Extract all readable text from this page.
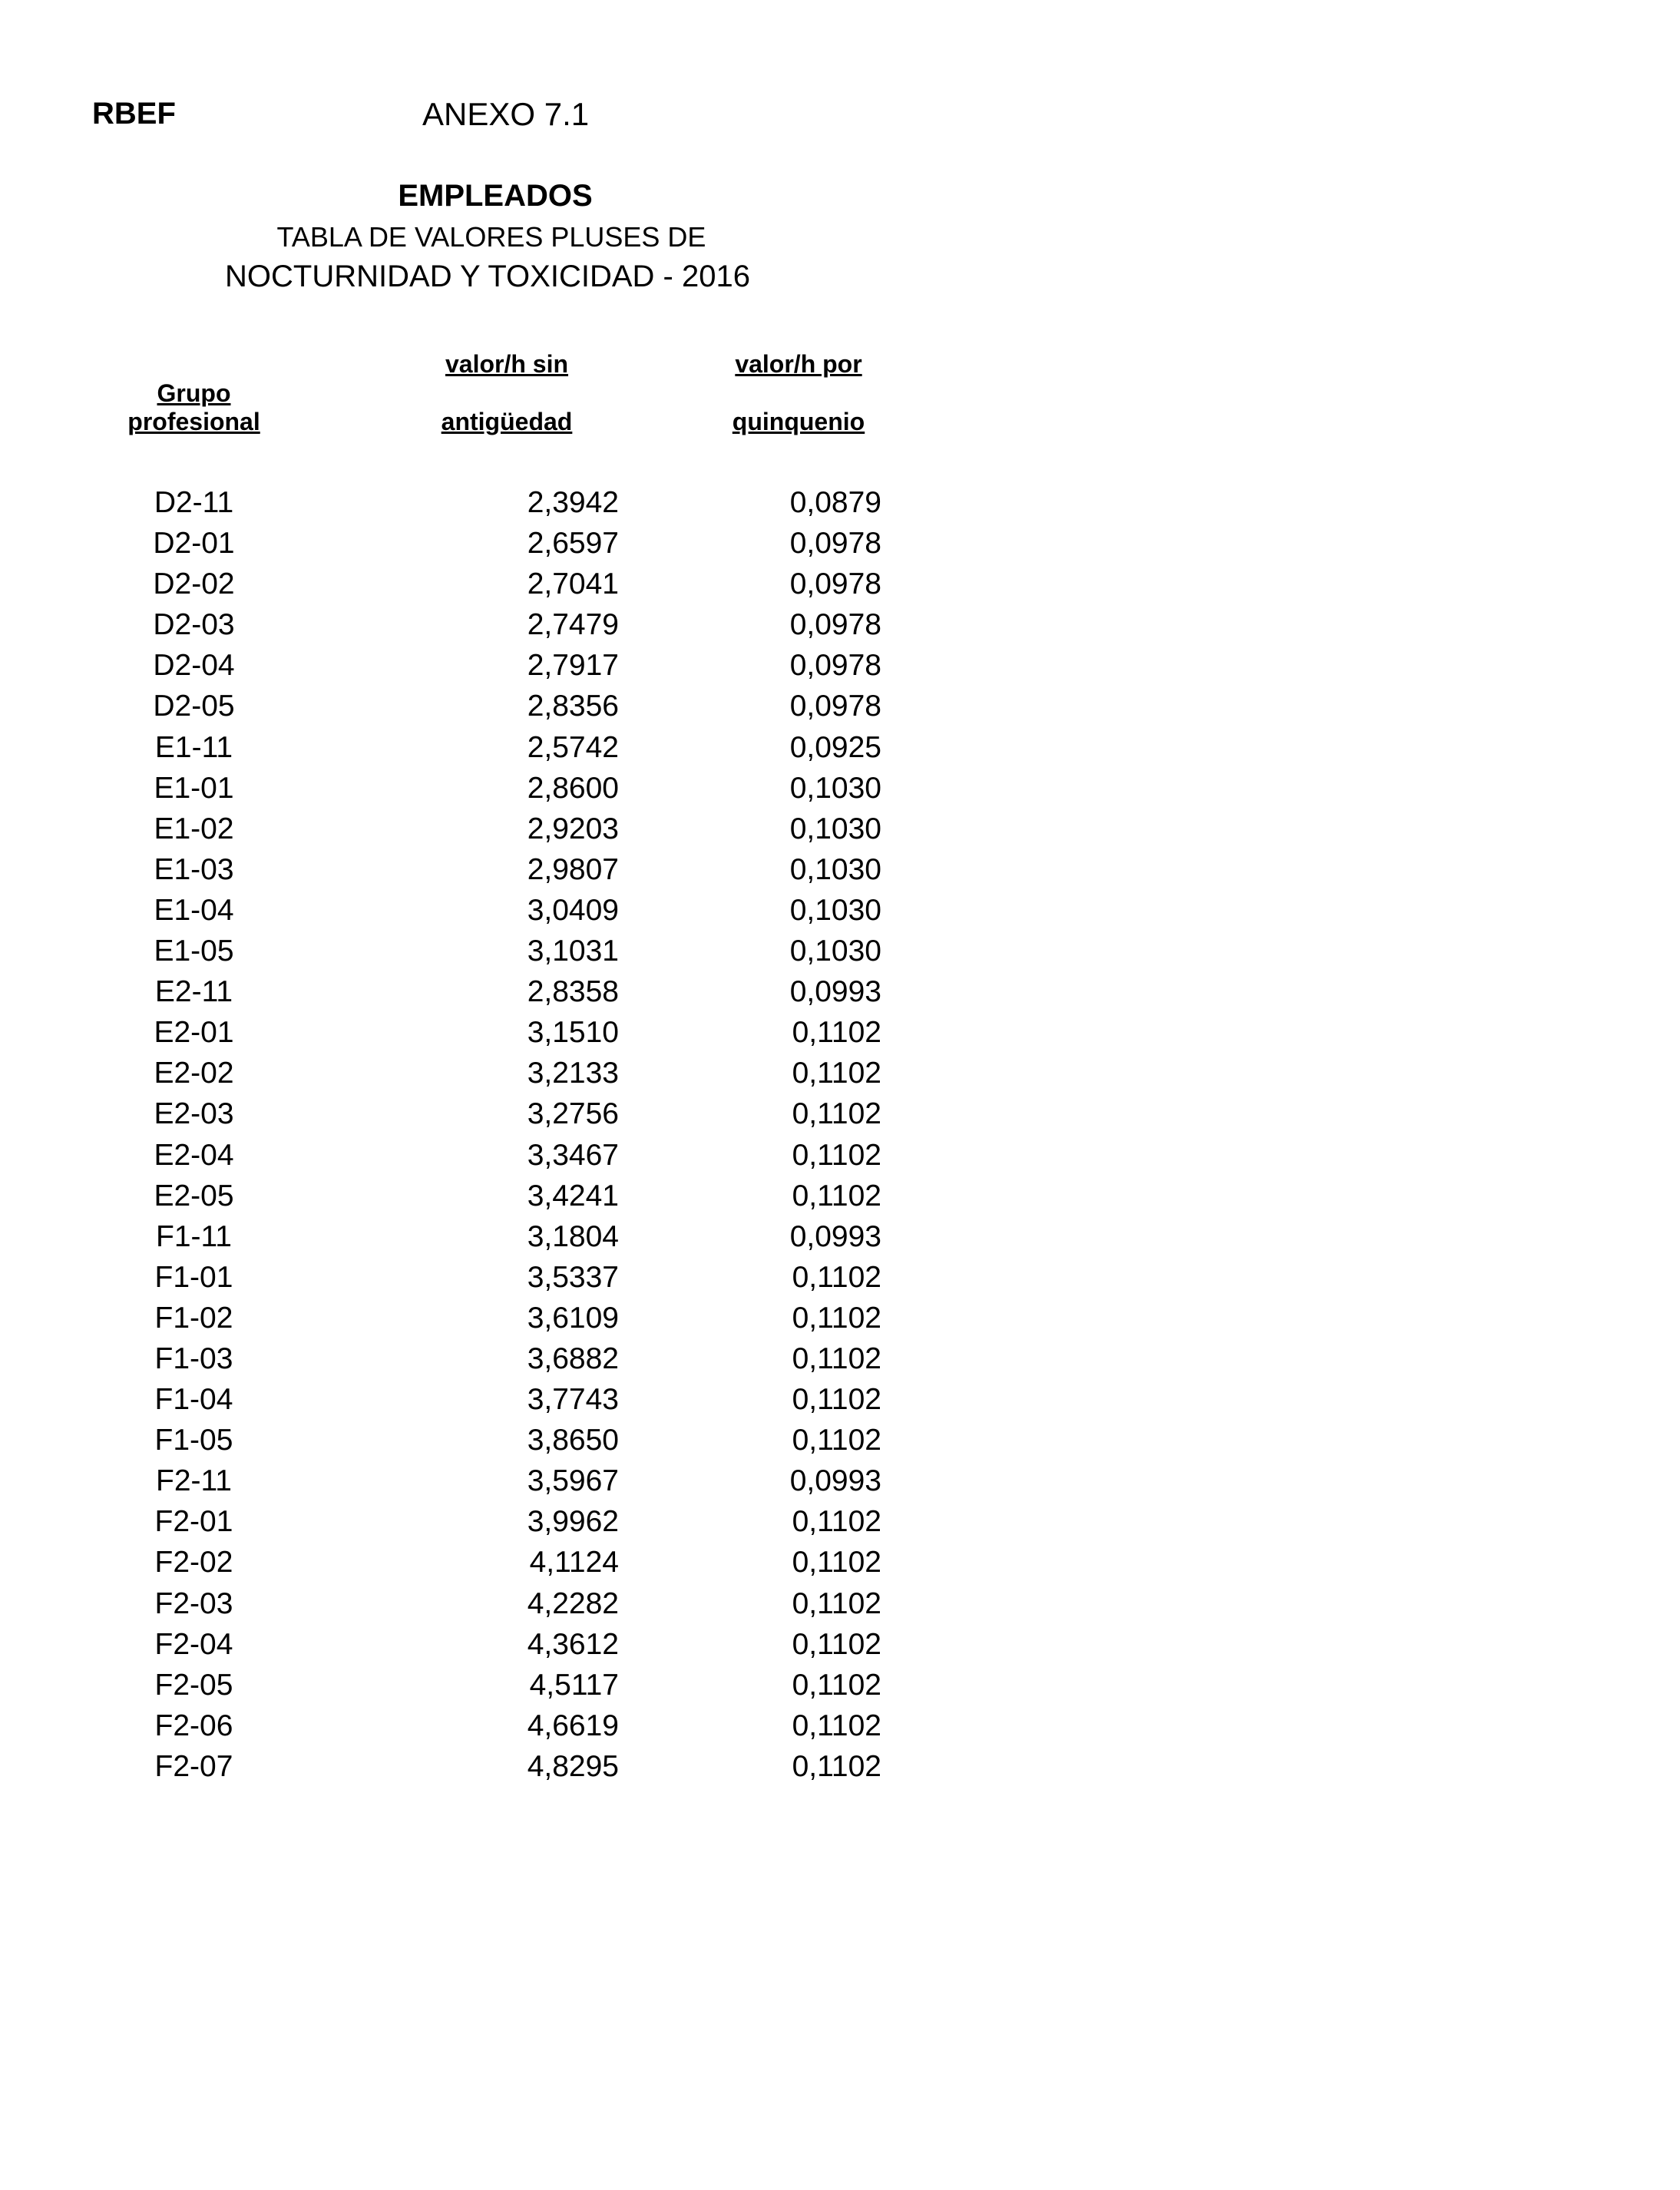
RBEF	ANEXO 7.1
EMPLEADOS
TABLA DE VALORES PLUSES DE
NOCTURNIDAD Y TOXICIDAD - 2016
Grupo
profesional
valor/h sin
antigüedad
valor/h por
quinquenio
D2-11	2,3942	0,0879
D2-01	2,6597	0,0978
D2-02	2,7041	0,0978
D2-03	2,7479	0,0978
D2-04	2,7917	0,0978
D2-05	2,8356	0,0978
E1-11	2,5742	0,0925
E1-01	2,8600	0,1030
E1-02	2,9203	0,1030
E1-03	2,9807	0,1030
E1-04	3,0409	0,1030
E1-05	3,1031	0,1030
E2-11	2,8358	0,0993
E2-01	3,1510	0,1102
E2-02	3,2133	0,1102
E2-03	3,2756	0,1102
E2-04	3,3467	0,1102
E2-05	3,4241	0,1102
F1-11	3,1804	0,0993
F1-01	3,5337	0,1102
F1-02	3,6109	0,1102
F1-03	3,6882	0,1102
F1-04	3,7743	0,1102
F1-05	3,8650	0,1102
F2-11	3,5967	0,0993
F2-01	3,9962	0,1102
F2-02	4,1124	0,1102
F2-03	4,2282	0,1102
F2-04	4,3612	0,1102
F2-05	4,5117	0,1102
F2-06	4,6619	0,1102
F2-07	4,8295	0,1102
